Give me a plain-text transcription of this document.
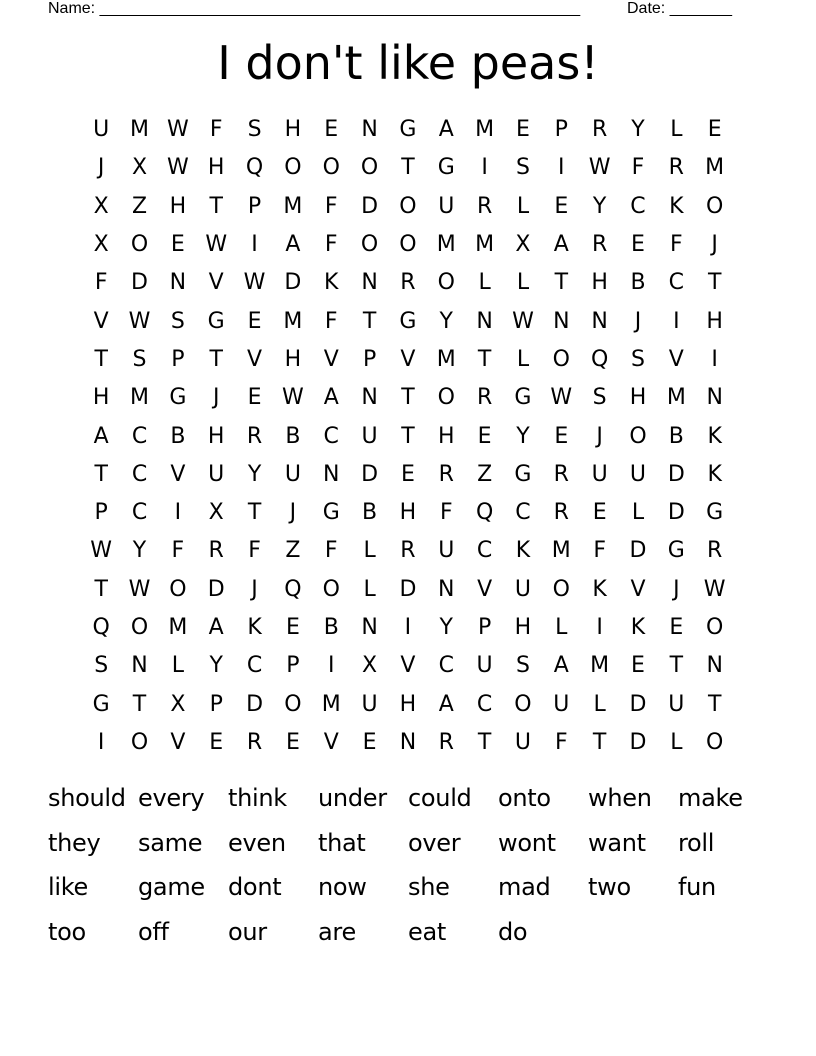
Name: ______________________________________________________	Date: _______
I don't like peas!
U M W F	S	H	E	N G	A M E	P	R	Y	L	E
J	X W H Q O O O	T	G	I	S	I	W F	R M
X	Z	H	T	P	M	F	D O U	R	L	E	Y	C	K	O
X	O	E W	I	A	F	O O M M X	A	R	E	F	J
F	D N	V W D	K	N	R	O	L	L	T	H	B	C	T
V W S	G	E M	F	T	G	Y	N W N N	J	I	H
T	S	P	T	V	H	V	P	V M	T	L	O Q	S	V	I
H M G	J	E W A	N	T	O	R	G W S	H M N
A	C	B	H	R	B	C	U	T	H	E	Y	E	J	O	B	K
T	C	V	U	Y	U	N D	E	R	Z	G	R	U	U D	K
P	C	I	X	T	J	G	B	H	F	Q	C	R	E	L	D G
W Y	F	R	F	Z	F	L	R	U	C	K M	F	D G	R
T W O D	J	Q O	L	D N	V	U O	K	V	J	W
Q O M A	K	E	B	N	I	Y	P	H	L	I	K	E	O
S	N	L	Y	C	P	I	X	V	C	U	S	A M E	T	N
G	T	X	P	D O M U	H	A	C O U	L	D U	T
I	O	V	E	R	E	V	E	N	R	T	U	F	T	D	L	O
should every think	under could	onto	when	make
they	same	even	that	over	wont	want	roll
like	game dont	now	she	mad	two	fun
too	off	our	are	eat	do
